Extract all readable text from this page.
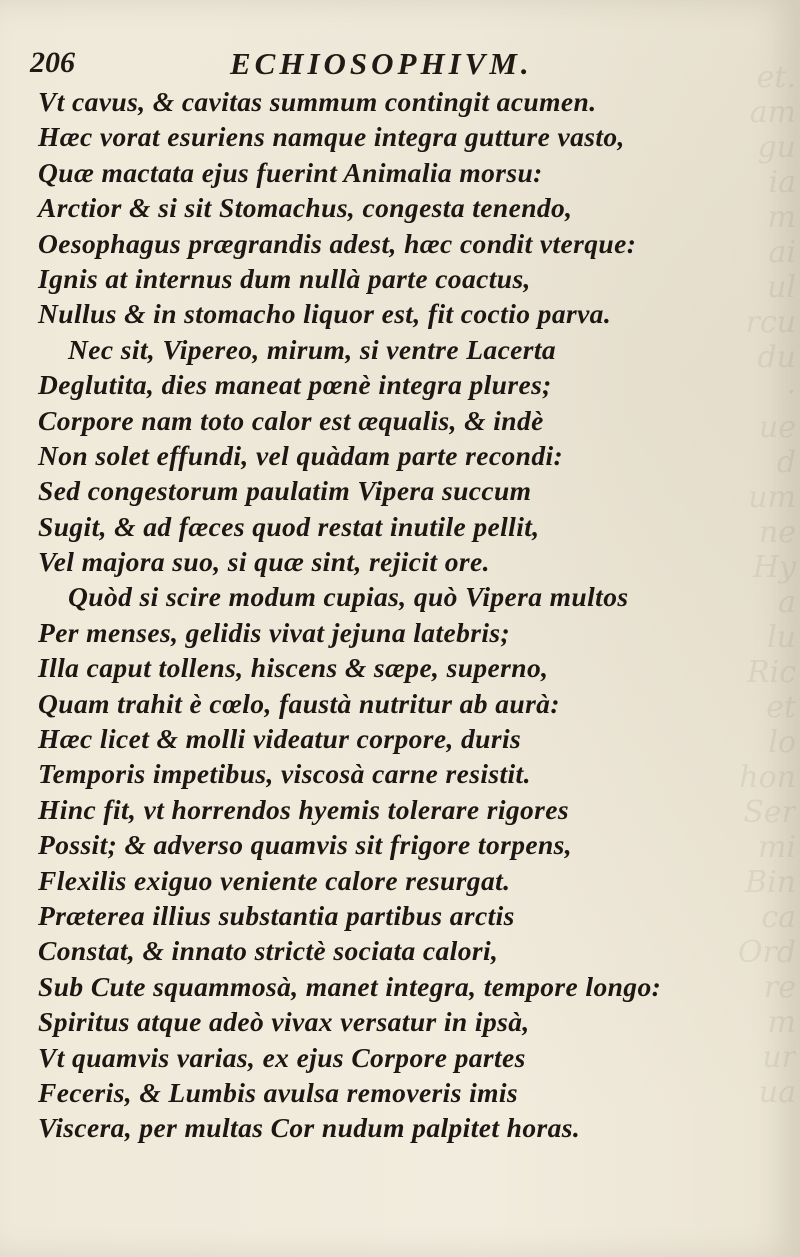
et.
am
gu
ia
m
ai
ul
rcu
du
·
ue
d
um
ne
Hy
a
lu
Ric
et
lo
hon
Ser
mi
Bin
ca
Ord
re
m
ur
ua
206	ECHIOSOPHIVM.
Vt cavus, & cavitas summum contingit acumen.
Hæc vorat esuriens namque integra gutture vasto,
Quæ mactata ejus fuerint Animalia morsu:
Arctior & si sit Stomachus, congesta tenendo,
Oesophagus prægrandis adest, hæc condit vterque:
Ignis at internus dum nullà parte coactus,
Nullus & in stomacho liquor est, fit coctio parva.
Nec sit, Vipereo, mirum, si ventre Lacerta
Deglutita, dies maneat pœnè integra plures;
Corpore nam toto calor est æqualis, & indè
Non solet effundi, vel quàdam parte recondi:
Sed congestorum paulatim Vipera succum
Sugit, & ad fæces quod restat inutile pellit,
Vel majora suo, si quæ sint, rejicit ore.
Quòd si scire modum cupias, quò Vipera multos
Per menses, gelidis vivat jejuna latebris;
Illa caput tollens, hiscens & sæpe, superno,
Quam trahit è cœlo, faustà nutritur ab aurà:
Hæc licet & molli videatur corpore, duris
Temporis impetibus, viscosà carne resistit.
Hinc fit, vt horrendos hyemis tolerare rigores
Possit; & adverso quamvis sit frigore torpens,
Flexilis exiguo veniente calore resurgat.
Præterea illius substantia partibus arctis
Constat, & innato strictè sociata calori,
Sub Cute squammosà, manet integra, tempore longo:
Spiritus atque adeò vivax versatur in ipsà,
Vt quamvis varias, ex ejus Corpore partes
Feceris, & Lumbis avulsa removeris imis
Viscera, per multas Cor nudum palpitet horas.
